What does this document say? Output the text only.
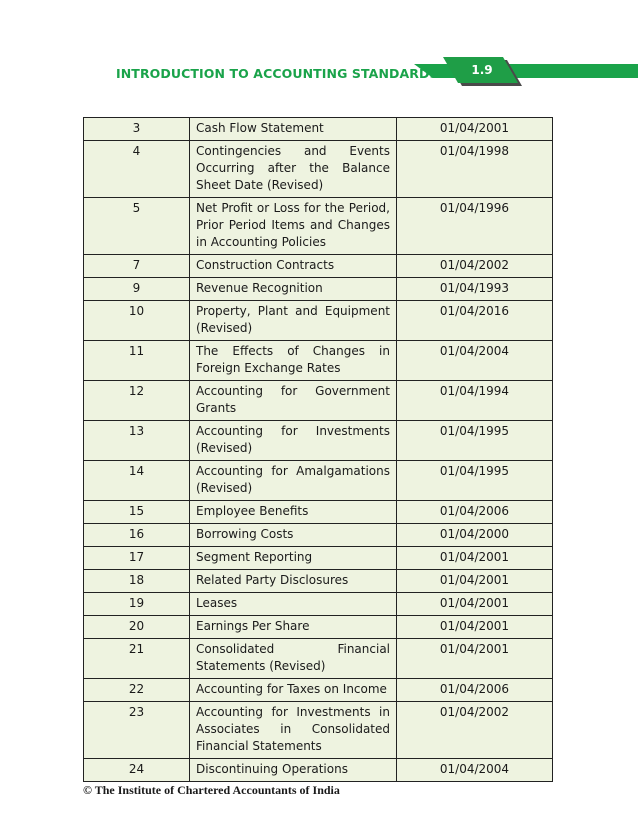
INTRODUCTION TO ACCOUNTING STANDARDS	1.9
3	Cash Flow Statement	01/04/2001
4	Contingencies and Events Occurring after the Balance Sheet Date (Revised)	01/04/1998
5	Net Profit or Loss for the Period, Prior Period Items and Changes in Accounting Policies	01/04/1996
7	Construction Contracts	01/04/2002
9	Revenue Recognition	01/04/1993
10	Property, Plant and Equipment (Revised)	01/04/2016
11	The Effects of Changes in Foreign Exchange Rates	01/04/2004
12	Accounting for Government Grants	01/04/1994
13	Accounting for Investments (Revised)	01/04/1995
14	Accounting for Amalgamations (Revised)	01/04/1995
15	Employee Benefits	01/04/2006
16	Borrowing Costs	01/04/2000
17	Segment Reporting	01/04/2001
18	Related Party Disclosures	01/04/2001
19	Leases	01/04/2001
20	Earnings Per Share	01/04/2001
21	Consolidated Financial Statements (Revised)	01/04/2001
22	Accounting for Taxes on Income	01/04/2006
23	Accounting for Investments in Associates in Consolidated Financial Statements	01/04/2002
24	Discontinuing Operations	01/04/2004
© The Institute of Chartered Accountants of India
